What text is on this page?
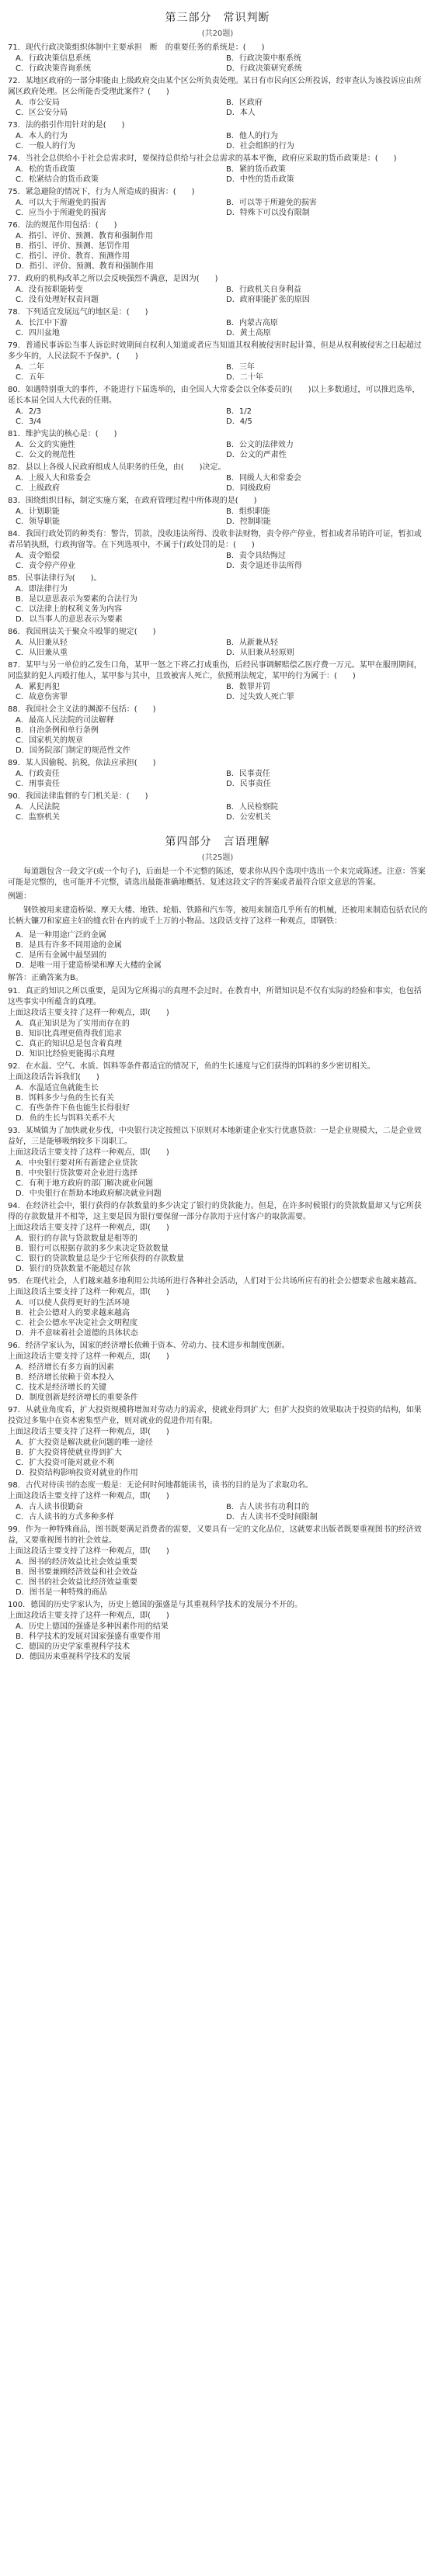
第三部分　常识判断
(共20题)
71．现代行政决策组织体制中主要承担　断　的重要任务的系统是：(　　)
A．行政决策信息系统	B．行政决策中枢系统
C．行政决策咨询系统	D．行政决策研究系统
72．某地区政府的一部分职能由上级政府交由某个区公所负责处理。某日有市民向区公所投诉，经审查认为该投诉应由所属区政府处理。区公所能否受理此案件？(　　)
A．市公安局	B．区政府
C．区公安分局	D．本人
73．法的指引作用针对的是(　　)
A．本人的行为	B．他人的行为
C．一般人的行为	D．社会组织的行为
74．当社会总供给小于社会总需求时，要保持总供给与社会总需求的基本平衡，政府应采取的货币政策是：(　　)
A．松的货币政策	B．紧的货币政策
C．松紧结合的货币政策	D．中性的货币政策
75．紧急避险的情况下，行为人所造成的损害：(　　)
A．可以大于所避免的损害	B．可以等于所避免的损害
C．应当小于所避免的损害	D．特殊下可以没有限制
76．法的规范作用包括：(　　)
A．指引、评价、预测、教育和强制作用
B．指引、评价、预测、惩罚作用
C．指引、评价、教育、预测作用
D．指引、评价、预测、教育和强制作用
77．政府的机构改革之所以会反映强烈不满意，是因为(　　)
A．没有按职能转变	B．行政机关自身利益
C．没有处理好权责问题	D．政府职能扩张的原因
78．下列适宜发展远气的地区是：(　　)
A．长江中下游	B．内蒙古高原
C．四川盆地	D．黄土高原
79．普通民事诉讼当事人诉讼时效期间自权利人知道或者应当知道其权利被侵害时起计算，但是从权利被侵害之日起超过多少年的，人民法院不予保护。(　　)
A．二年	B．三年
C．五年	D．二十年
80．如遇特别重大的事件，不能进行下届选举的，由全国人大常委会以全体委员的(　　)以上多数通过，可以推迟选举，延长本届全国人大代表的任期。
A．2/3	B．1/2
C．3/4	D．4/5
81．维护宪法的核心是：(　　)
A．公文的实施性	B．公文的法律效力
C．公文的规范性	D．公文的严肃性
82．县以上各级人民政府组成人员职务的任免，由(　　)决定。
A．上级人大和常委会	B．同级人大和常委会
C．上级政府	D．同级政府
83．围绕组织目标，制定实施方案，在政府管理过程中所体现的是(　　)
A．计划职能	B．组织职能
C．领导职能	D．控制职能
84．我国行政处罚的种类有：警告，罚款，没收违法所得、没收非法财物，责令停产停业，暂扣或者吊销许可证，暂扣或者吊销执照，行政拘留等。在下列选项中，不属于行政处罚的是：(　　)
A．责令赔偿	B．责令具结悔过
C．责令停产停业	D．责令退还非法所得
85．民事法律行为(　　)。
A．即法律行为
B．是以意思表示为要素的合法行为
C．以法律上的权利义务为内容
D．以当事人的意思表示为要素
86．我国刑法关于聚众斗殴罪的规定(　　)
A．从旧兼从轻	B．从新兼从轻
C．从旧兼从重	D．从旧兼从轻原则
87．某甲与另一单位的乙发生口角，某甲一怒之下将乙打成重伤，后经民事调解赔偿乙医疗费一万元。某甲在服刑期间，同监狱的犯人丙殴打他人，某甲参与其中，且致被害人死亡，依照刑法规定，某甲的行为属于：(　　)
A．累犯再犯	B．数罪并罚
C．故意伤害罪	D．过失致人死亡罪
88．我国社会主义法的渊源不包括：(　　)
A．最高人民法院的司法解释
B．自治条例和单行条例
C．国家机关的规章
D．国务院部门制定的规范性文件
89．某人因偷税、抗税，依法应承担(　　)
A．行政责任	B．民事责任
C．刑事责任	D．民事责任
90．我国法律监督的专门机关是：(　　)
A．人民法院	B．人民检察院
C．监察机关	D．公安机关
第四部分　言语理解
(共25题)
每道题包含一段文字(或一个句子)，后面是一个不完整的陈述，要求你从四个选项中选出一个来完成陈述。注意：答案可能是完整的，也可能并不完整，请选出最能准确地概括、复述这段文字的答案或者最符合原文意思的答案。
例题：
钢铁被用来建造桥梁、摩天大楼、地铁、轮船、铁路和汽车等，被用来制造几乎所有的机械，还被用来制造包括农民的长柄大镰刀和家庭主妇的缝衣针在内的成千上万的小物品。这段话支持了这样一种观点，即钢铁：
A．是一种用途广泛的金属
B．是具有许多不同用途的金属
C．是所有金属中最坚固的
D．是唯一用于建造桥梁和摩天大楼的金属
解答：正确答案为B。
91．真正的知识之所以重要，是因为它所揭示的真理不会过时。在教育中，所谓知识是不仅有实际的经验和事实，也包括这些事实中所蕴含的真理。
上面这段话主要支持了这样一种观点，即(　　)
A．真正知识是为了实用而存在的
B．知识比真理更值得我们追求
C．真正的知识总是包含着真理
D．知识比经验更能揭示真理
92．在水温、空气、水质、饵料等条件都适宜的情况下，鱼的生长速度与它们获得的饵料的多少密切相关。
上面这段话告诉我们(　　)
A．水温适宜鱼就能生长
B．饵料多少与鱼的生长有关
C．有些条件下鱼也能生长得很好
D．鱼的生长与饵料关系不大
93．某城镇为了加快就业步伐，中央银行决定按照以下原则对本地新建企业实行优惠贷款：一是企业规模大，二是企业效益好，三是能够吸纳较多下岗职工。
上面这段话主要支持了这样一种观点，即(　　)
A．中央银行要对所有新建企业贷款
B．中央银行贷款要对企业进行选择
C．有利于地方政府的部门解决就业问题
D．中央银行在帮助本地政府解决就业问题
94．在经济社会中，银行获得的存款数量的多少决定了银行的贷款能力。但是，在许多时候银行的贷款数量却又与它所获得的存款数量并不相等，这主要是因为银行要保留一部分存款用于应付客户的取款需要。
上面这段话主要支持了这样一种观点，即(　　)
A．银行的存款与贷款数量是相等的
B．银行可以根据存款的多少来决定贷款数量
C．银行的贷款数量总是少于它所获得的存款数量
D．银行的贷款数量不能超过存款
95．在现代社会，人们越来越多地利用公共场所进行各种社会活动，人们对于公共场所应有的社会公德要求也越来越高。
上面这段话主要支持了这样一种观点，即(　　)
A．可以使人获得更好的生活环境
B．社会公德对人的要求越来越高
C．社会公德水平决定社会文明程度
D．并不意味着社会道德的具体状态
96．经济学家认为，国家的经济增长依赖于资本、劳动力、技术进步和制度创新。
上面这段话主要支持了这样一种观点，即(　　)
A．经济增长有多方面的因素
B．经济增长依赖于资本投入
C．技术是经济增长的关键
D．制度创新是经济增长的重要条件
97．从就业角度看，扩大投资规模将增加对劳动力的需求，使就业得到扩大；但扩大投资的效果取决于投资的结构，如果投资过多集中在资本密集型产业，则对就业的促进作用有限。
上面这段话主要支持了这样一种观点，即(　　)
A．扩大投资是解决就业问题的唯一途径
B．扩大投资将使就业得到扩大
C．扩大投资可能对就业不利
D．投资结构影响投资对就业的作用
98．古代对待读书的态度一般是：无论何时何地都能读书，读书的目的是为了求取功名。
上面这段话主要支持了这样一种观点，即(　　)
A．古人读书很勤奋	B．古人读书有功利目的
C．古人读书的方式多种多样	D．古人读书不受时间限制
99．作为一种特殊商品，图书既要满足消费者的需要，又要具有一定的文化品位，这就要求出版者既要重视图书的经济效益，又要重视图书的社会效益。
上面这段话主要支持了这样一种观点，即(　　)
A．图书的经济效益比社会效益重要
B．图书要兼顾经济效益和社会效益
C．图书的社会效益比经济效益重要
D．图书是一种特殊的商品
100．德国的历史学家认为，历史上德国的强盛是与其重视科学技术的发展分不开的。
上面这段话主要支持了这样一种观点，即(　　)
A．历史上德国的强盛是多种因素作用的结果
B．科学技术的发展对国家强盛有重要作用
C．德国的历史学家重视科学技术
D．德国历来重视科学技术的发展
